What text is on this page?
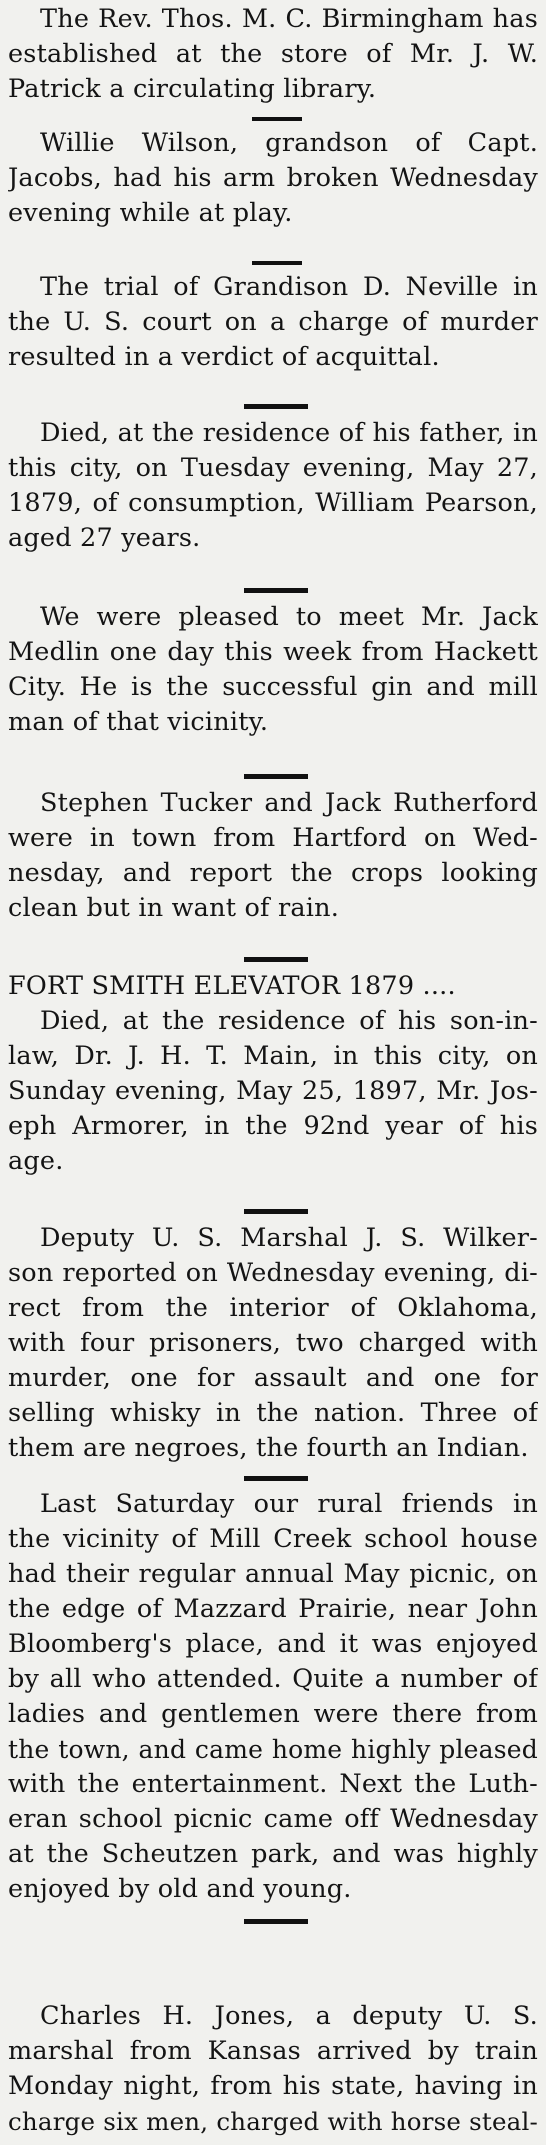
The Rev. Thos. M. C. Birmingham has
established at the store of Mr. J. W.
Patrick a circulating library.
Willie Wilson, grandson of Capt.
Jacobs, had his arm broken Wednesday
evening while at play.
The trial of Grandison D. Neville in
the U. S. court on a charge of murder
resulted in a verdict of acquittal.
Died, at the residence of his father, in
this city, on Tuesday evening, May 27,
1879, of consumption, William Pearson,
aged 27 years.
We were pleased to meet Mr. Jack
Medlin one day this week from Hackett
City. He is the successful gin and mill
man of that vicinity.
Stephen Tucker and Jack Rutherford
were in town from Hartford on Wed-
nesday, and report the crops looking
clean but in want of rain.
FORT SMITH ELEVATOR 1879 ....
Died, at the residence of his son-in-
law, Dr. J. H. T. Main, in this city, on
Sunday evening, May 25, 1897, Mr. Jos-
eph Armorer, in the 92nd year of his
age.
Deputy U. S. Marshal J. S. Wilker-
son reported on Wednesday evening, di-
rect from the interior of Oklahoma,
with four prisoners, two charged with
murder, one for assault and one for
selling whisky in the nation. Three of
them are negroes, the fourth an Indian.
Last Saturday our rural friends in
the vicinity of Mill Creek school house
had their regular annual May picnic, on
the edge of Mazzard Prairie, near John
Bloomberg's place, and it was enjoyed
by all who attended. Quite a number of
ladies and gentlemen were there from
the town, and came home highly pleased
with the entertainment. Next the Luth-
eran school picnic came off Wednesday
at the Scheutzen park, and was highly
enjoyed by old and young.
Charles H. Jones, a deputy U. S.
marshal from Kansas arrived by train
Monday night, from his state, having in
charge six men, charged with horse steal-
